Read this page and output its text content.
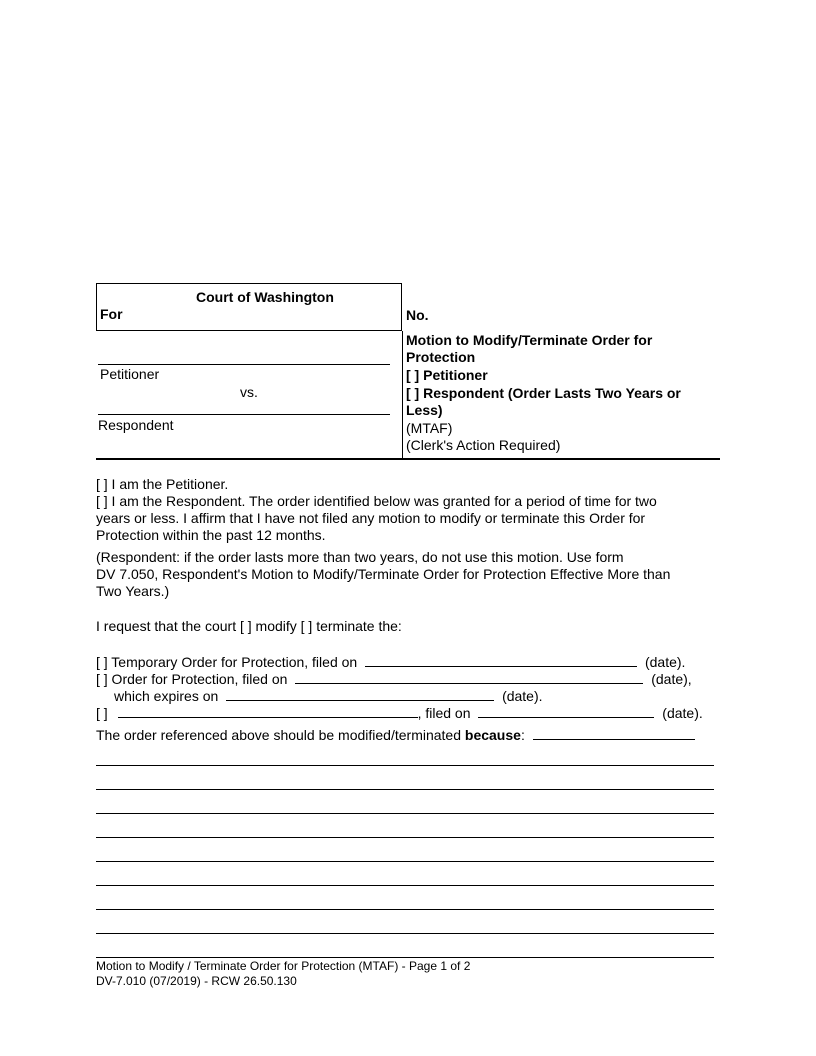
Court of Washington
For	No.
Petitioner
vs.
Respondent
Motion to Modify/Terminate Order for
Protection
[ ] Petitioner
[ ] Respondent (Order Lasts Two Years or
Less)
(MTAF)
(Clerk's Action Required)
[ ] I am the Petitioner.
[ ] I am the Respondent. The order identified below was granted for a period of time for two
years or less. I affirm that I have not filed any motion to modify or terminate this Order for
Protection within the past 12 months.
(Respondent: if the order lasts more than two years, do not use this motion. Use form
DV 7.050, Respondent's Motion to Modify/Terminate Order for Protection Effective More than
Two Years.)
I request that the court [ ] modify [ ] terminate the:
[ ] Temporary Order for Protection, filed on	(date).
[ ] Order for Protection, filed on	(date),
which expires on	(date).
[ ]	, filed on	(date).
The order referenced above should be modified/terminated because:
Motion to Modify / Terminate Order for Protection (MTAF) - Page 1 of 2
DV-7.010 (07/2019) - RCW 26.50.130
